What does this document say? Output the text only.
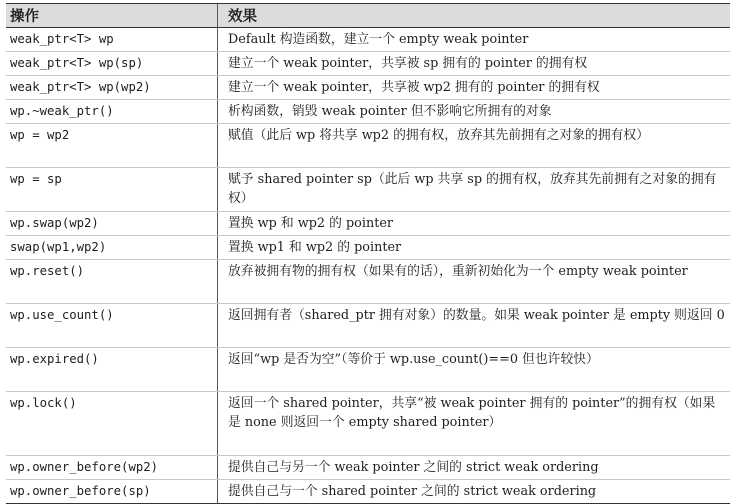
操作	效果
weak_ptr<T> wp	Default 构造函数，建立一个 empty weak pointer
weak_ptr<T> wp(sp)	建立一个 weak pointer，共享被 sp 拥有的 pointer 的拥有权
weak_ptr<T> wp(wp2)	建立一个 weak pointer，共享被 wp2 拥有的 pointer 的拥有权
wp.~weak_ptr()	析构函数，销毁 weak pointer 但不影响它所拥有的对象
wp = wp2	赋值（此后 wp 将共享 wp2 的拥有权，放弃其先前拥有之对象的拥有权）
wp = sp	赋予 shared pointer sp（此后 wp 共享 sp 的拥有权，放弃其先前拥有之对象的拥有权）
wp.swap(wp2)	置换 wp 和 wp2 的 pointer
swap(wp1,wp2)	置换 wp1 和 wp2 的 pointer
wp.reset()	放弃被拥有物的拥有权（如果有的话），重新初始化为一个 empty weak pointer
wp.use_count()	返回拥有者（shared_ptr 拥有对象）的数量。如果 weak pointer 是 empty 则返回 0
wp.expired()	返回“wp 是否为空”（等价于 wp.use_count()==0 但也许较快）
wp.lock()	返回一个 shared pointer，共享“被 weak pointer 拥有的 pointer”的拥有权（如果是 none 则返回一个 empty shared pointer）
wp.owner_before(wp2)	提供自己与另一个 weak pointer 之间的 strict weak ordering
wp.owner_before(sp)	提供自己与一个 shared pointer 之间的 strict weak ordering
